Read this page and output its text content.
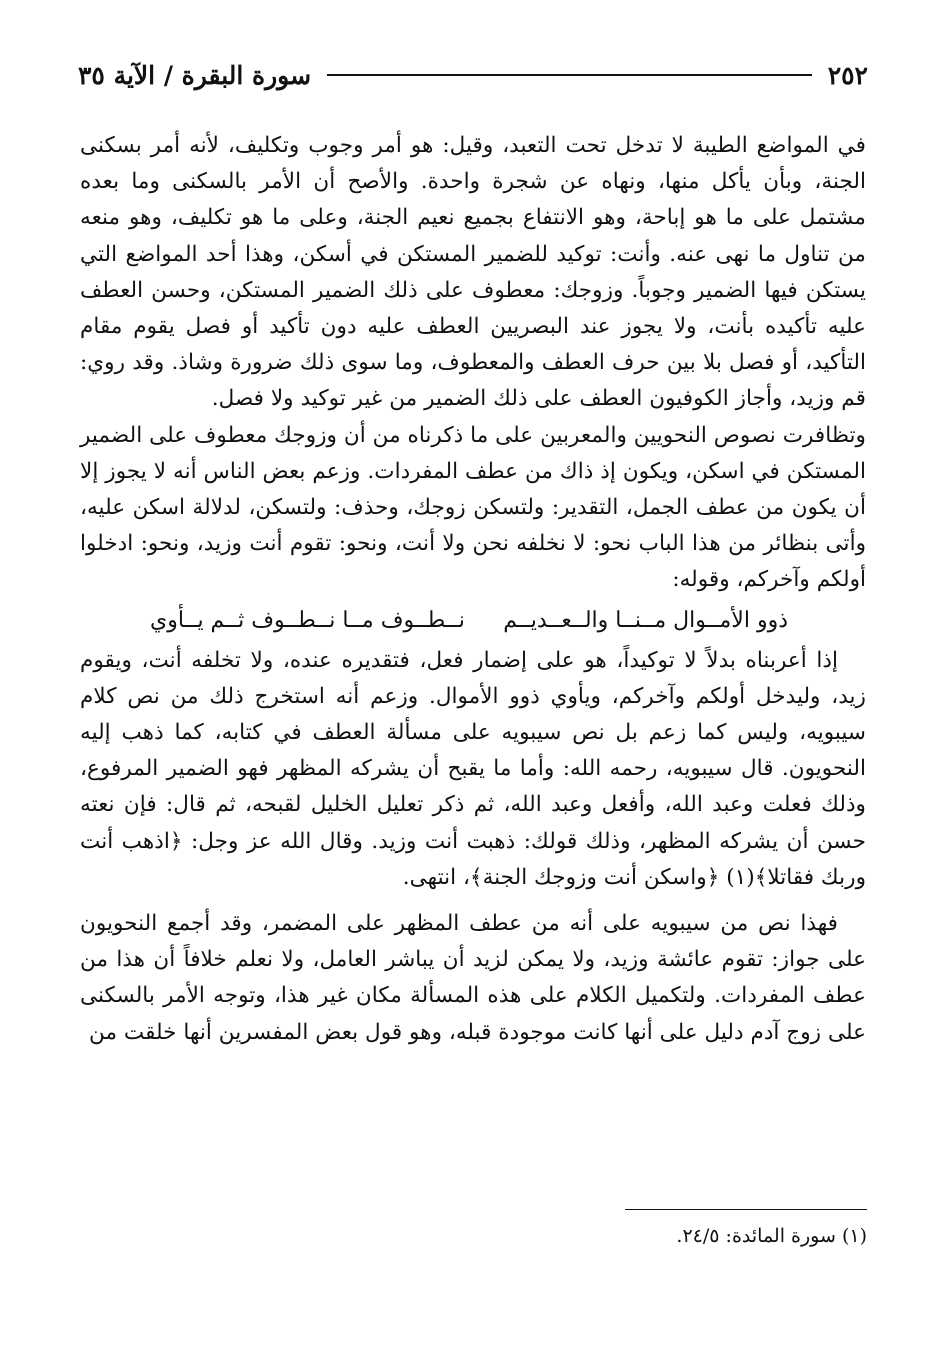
٢٥٢
سورة البقرة / الآية ٣٥

في المواضع الطيبة لا تدخل تحت التعبد، وقيل: هو أمر وجوب وتكليف، لأنه أمر بسكنى الجنة، وبأن يأكل منها، ونهاه عن شجرة واحدة. والأصح أن الأمر بالسكنى وما بعده مشتمل على ما هو إباحة، وهو الانتفاع بجميع نعيم الجنة، وعلى ما هو تكليف، وهو منعه من تناول ما نهى عنه. وأنت: توكيد للضمير المستكن في أسكن، وهذا أحد المواضع التي يستكن فيها الضمير وجوباً. وزوجك: معطوف على ذلك الضمير المستكن، وحسن العطف عليه تأكيده بأنت، ولا يجوز عند البصريين العطف عليه دون تأكيد أو فصل يقوم مقام التأكيد، أو فصل بلا بين حرف العطف والمعطوف، وما سوى ذلك ضرورة وشاذ. وقد روي: قم وزيد، وأجاز الكوفيون العطف على ذلك الضمير من غير توكيد ولا فصل.

وتظافرت نصوص النحويين والمعربين على ما ذكرناه من أن وزوجك معطوف على الضمير المستكن في اسكن، ويكون إذ ذاك من عطف المفردات. وزعم بعض الناس أنه لا يجوز إلا أن يكون من عطف الجمل، التقدير: ولتسكن زوجك، وحذف: ولتسكن، لدلالة اسكن عليه، وأتى بنظائر من هذا الباب نحو: لا نخلفه نحن ولا أنت، ونحو: تقوم أنت وزيد، ونحو: ادخلوا أولكم وآخركم، وقوله:

ذوو الأمــوال مــنــا والــعــديــم
نــطــوف مــا نــطــوف ثــم يــأوي

إذا أعربناه بدلاً لا توكيداً، هو على إضمار فعل، فتقديره عنده، ولا تخلفه أنت، ويقوم زيد، وليدخل أولكم وآخركم، ويأوي ذوو الأموال. وزعم أنه استخرج ذلك من نص كلام سيبويه، وليس كما زعم بل نص سيبويه على مسألة العطف في كتابه، كما ذهب إليه النحويون. قال سيبويه، رحمه الله: وأما ما يقبح أن يشركه المظهر فهو الضمير المرفوع، وذلك فعلت وعبد الله، وأفعل وعبد الله، ثم ذكر تعليل الخليل لقبحه، ثم قال: فإن نعته حسن أن يشركه المظهر، وذلك قولك: ذهبت أنت وزيد. وقال الله عز وجل: ﴿اذهب أنت وربك فقاتلا﴾(١) ﴿واسكن أنت وزوجك الجنة﴾، انتهى.

فهذا نص من سيبويه على أنه من عطف المظهر على المضمر، وقد أجمع النحويون على جواز: تقوم عائشة وزيد، ولا يمكن لزيد أن يباشر العامل، ولا نعلم خلافاً أن هذا من عطف المفردات. ولتكميل الكلام على هذه المسألة مكان غير هذا، وتوجه الأمر بالسكنى على زوج آدم دليل على أنها كانت موجودة قبله، وهو قول بعض المفسرين أنها خلقت من

(١) سورة المائدة: ٢٤/٥.
